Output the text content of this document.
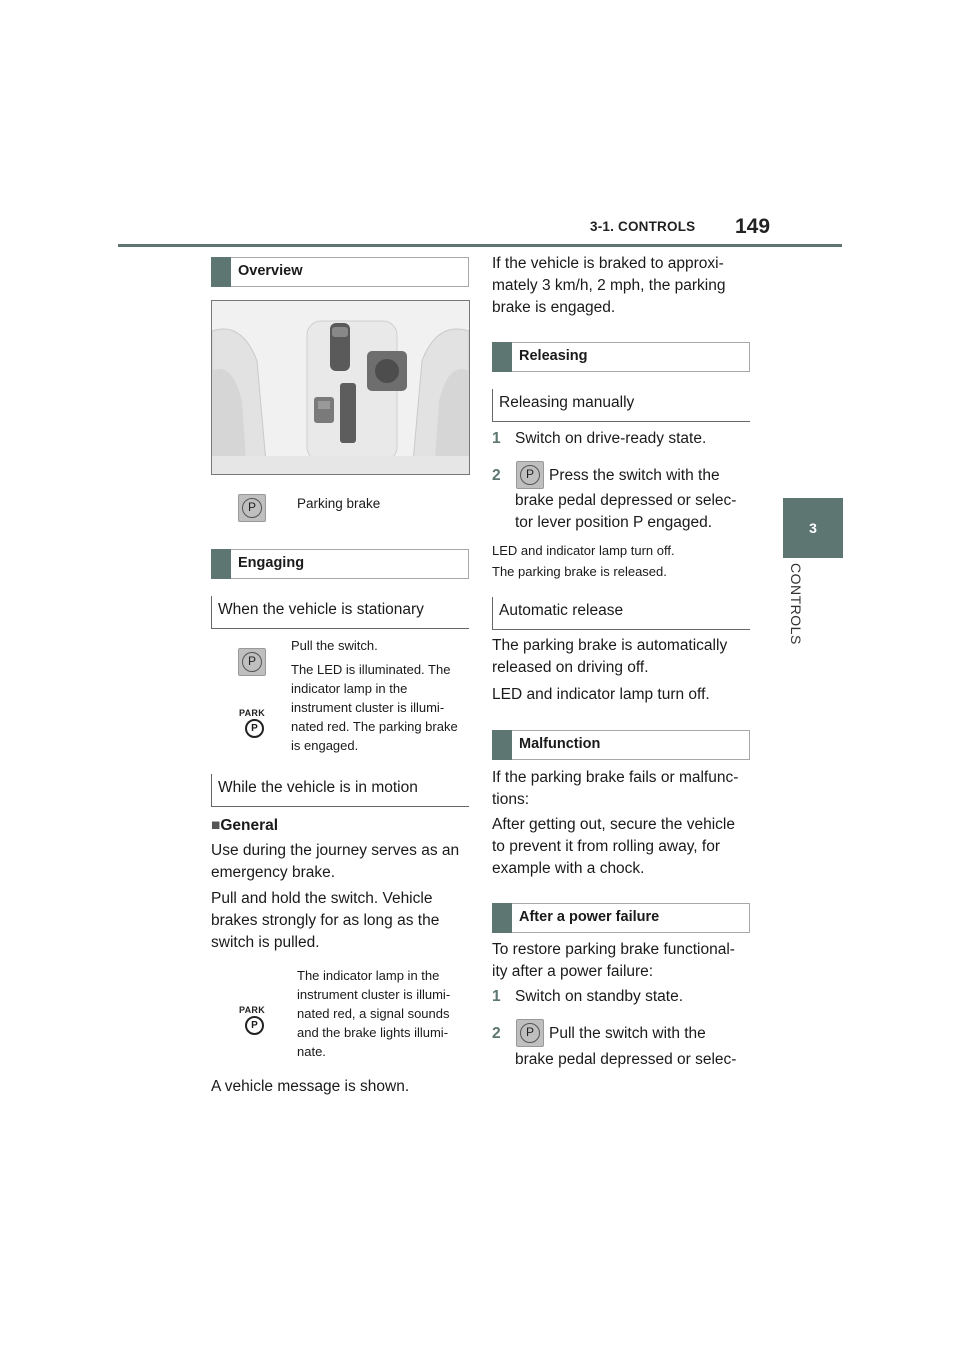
3-1. CONTROLS 149
3
CONTROLS
Overview
P	Parking brake
Engaging
When the vehicle is stationary
P
PARK
P
Pull the switch.
The LED is illuminated. The indicator lamp in the instrument cluster is illumi-nated red. The parking brake is engaged.
While the vehicle is in motion
■General
Use during the journey serves as an emergency brake.
Pull and hold the switch. Vehicle brakes strongly for as long as the switch is pulled.
PARK
P
The indicator lamp in the instrument cluster is illumi-nated red, a signal sounds and the brake lights illumi-nate.
A vehicle message is shown.
If the vehicle is braked to approxi-mately 3 km/h, 2 mph, the parking brake is engaged.
Releasing
Releasing manually
1 Switch on drive-ready state.
2 P Press the switch with the
brake pedal depressed or selec-tor lever position P engaged.
LED and indicator lamp turn off.
The parking brake is released.
Automatic release
The parking brake is automatically released on driving off.
LED and indicator lamp turn off.
Malfunction
If the parking brake fails or malfunc-tions:
After getting out, secure the vehicle to prevent it from rolling away, for example with a chock.
After a power failure
To restore parking brake functional-ity after a power failure:
1 Switch on standby state.
2 P Pull the switch with the
brake pedal depressed or selec-
